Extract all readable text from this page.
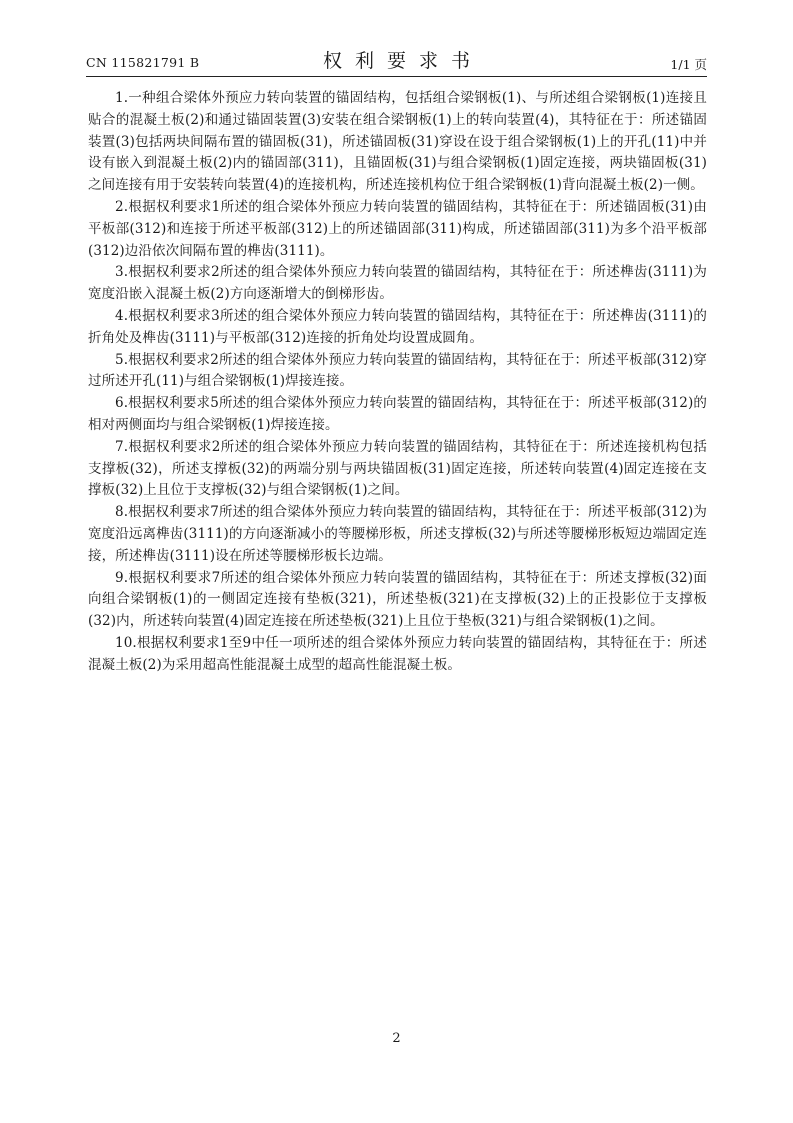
CN 115821791 B	权利要求书	1/1 页

1.一种组合梁体外预应力转向装置的锚固结构，包括组合梁钢板(1)、与所述组合梁钢板(1)连接且贴合的混凝土板(2)和通过锚固装置(3)安装在组合梁钢板(1)上的转向装置(4)，其特征在于：所述锚固装置(3)包括两块间隔布置的锚固板(31)，所述锚固板(31)穿设在设于组合梁钢板(1)上的开孔(11)中并设有嵌入到混凝土板(2)内的锚固部(311)，且锚固板(31)与组合梁钢板(1)固定连接，两块锚固板(31)之间连接有用于安装转向装置(4)的连接机构，所述连接机构位于组合梁钢板(1)背向混凝土板(2)一侧。

2.根据权利要求1所述的组合梁体外预应力转向装置的锚固结构，其特征在于：所述锚固板(31)由平板部(312)和连接于所述平板部(312)上的所述锚固部(311)构成，所述锚固部(311)为多个沿平板部(312)边沿依次间隔布置的榫齿(3111)。

3.根据权利要求2所述的组合梁体外预应力转向装置的锚固结构，其特征在于：所述榫齿(3111)为宽度沿嵌入混凝土板(2)方向逐渐增大的倒梯形齿。

4.根据权利要求3所述的组合梁体外预应力转向装置的锚固结构，其特征在于：所述榫齿(3111)的折角处及榫齿(3111)与平板部(312)连接的折角处均设置成圆角。

5.根据权利要求2所述的组合梁体外预应力转向装置的锚固结构，其特征在于：所述平板部(312)穿过所述开孔(11)与组合梁钢板(1)焊接连接。

6.根据权利要求5所述的组合梁体外预应力转向装置的锚固结构，其特征在于：所述平板部(312)的相对两侧面均与组合梁钢板(1)焊接连接。

7.根据权利要求2所述的组合梁体外预应力转向装置的锚固结构，其特征在于：所述连接机构包括支撑板(32)，所述支撑板(32)的两端分别与两块锚固板(31)固定连接，所述转向装置(4)固定连接在支撑板(32)上且位于支撑板(32)与组合梁钢板(1)之间。

8.根据权利要求7所述的组合梁体外预应力转向装置的锚固结构，其特征在于：所述平板部(312)为宽度沿远离榫齿(3111)的方向逐渐减小的等腰梯形板，所述支撑板(32)与所述等腰梯形板短边端固定连接，所述榫齿(3111)设在所述等腰梯形板长边端。

9.根据权利要求7所述的组合梁体外预应力转向装置的锚固结构，其特征在于：所述支撑板(32)面向组合梁钢板(1)的一侧固定连接有垫板(321)，所述垫板(321)在支撑板(32)上的正投影位于支撑板(32)内，所述转向装置(4)固定连接在所述垫板(321)上且位于垫板(321)与组合梁钢板(1)之间。

10.根据权利要求1至9中任一项所述的组合梁体外预应力转向装置的锚固结构，其特征在于：所述混凝土板(2)为采用超高性能混凝土成型的超高性能混凝土板。

2
